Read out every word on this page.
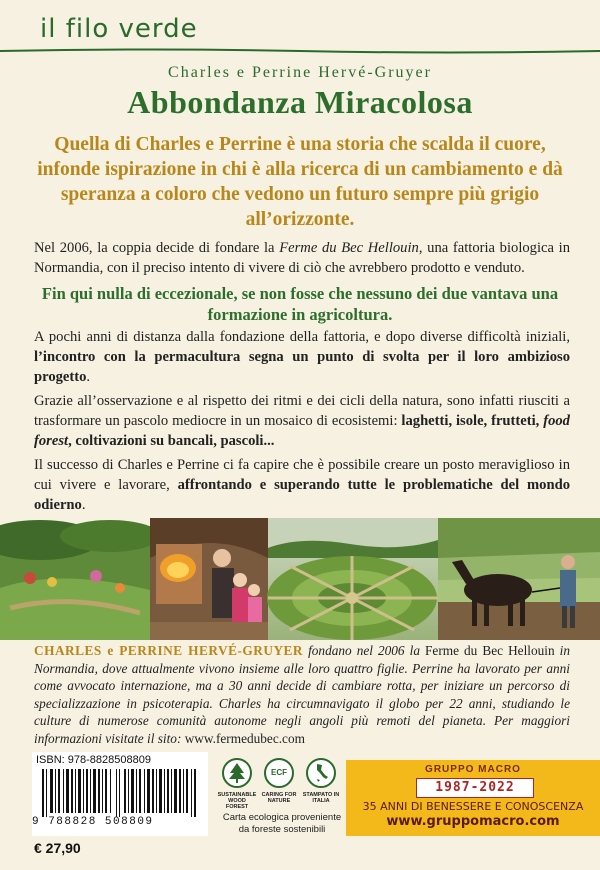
il filo verde
Charles e Perrine Hervé-Gruyer
Abbondanza Miracolosa
Quella di Charles e Perrine è una storia che scalda il cuore, infonde ispirazione in chi è alla ricerca di un cambiamento e dà speranza a coloro che vedono un futuro sempre più grigio all’orizzonte.
Nel 2006, la coppia decide di fondare la Ferme du Bec Hellouin, una fattoria biologica in Normandia, con il preciso intento di vivere di ciò che avrebbero prodotto e venduto.
Fin qui nulla di eccezionale, se non fosse che nessuno dei due vantava una formazione in agricoltura.
A pochi anni di distanza dalla fondazione della fattoria, e dopo diverse difficoltà iniziali, l’incontro con la permacultura segna un punto di svolta per il loro ambizioso progetto.
Grazie all’osservazione e al rispetto dei ritmi e dei cicli della natura, sono infatti riusciti a trasformare un pascolo mediocre in un mosaico di ecosistemi: laghetti, isole, frutteti, food forest, coltivazioni su bancali, pascoli...
Il successo di Charles e Perrine ci fa capire che è possibile creare un posto meraviglioso in cui vivere e lavorare, affrontando e superando tutte le problematiche del mondo odierno.
CHARLES e PERRINE HERVÉ-GRUYER fondano nel 2006 la Ferme du Bec Hellouin in Normandia, dove attualmente vivono insieme alle loro quattro figlie. Perrine ha lavorato per anni come avvocato internazione, ma a 30 anni decide di cambiare rotta, per iniziare un percorso di specializzazione in psicoterapia. Charles ha circumnavigato il globo per 22 anni, studiando le culture di numerose comunità autonome negli angoli più remoti del pianeta. Per maggiori informazioni visitate il sito: www.fermedubec.com
ISBN: 978-8828508809
9 788828 508809
€ 27,90
SUSTAINABLE WOOD FOREST
ECF
CARING FOR NATURE
STAMPATO IN ITALIA
Carta ecologica proveniente da foreste sostenibili
GRUPPO MACRO
1987-2022
35 ANNI DI BENESSERE E CONOSCENZA
www.gruppomacro.com
